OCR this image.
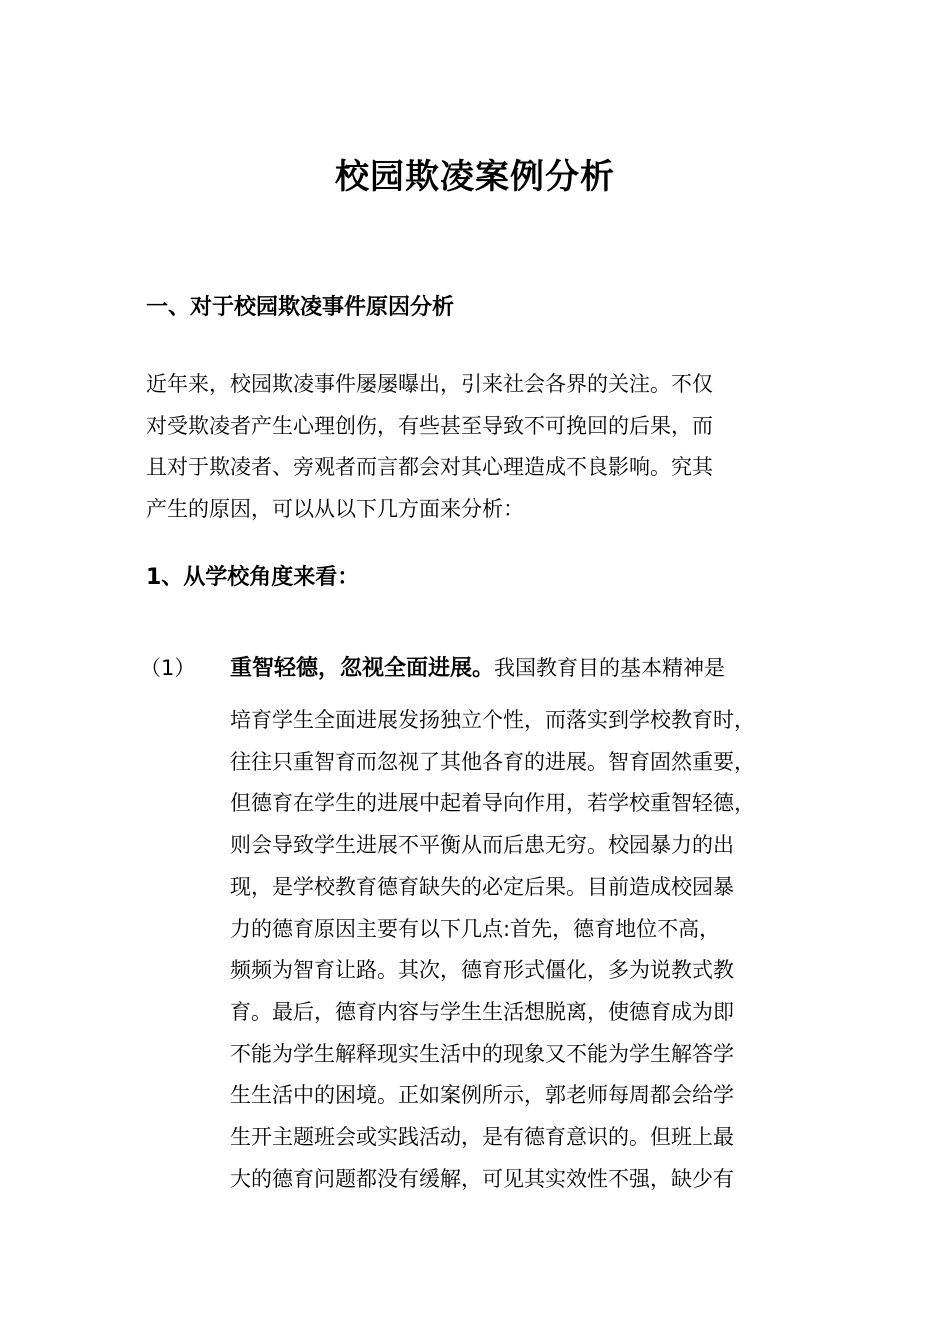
校园欺凌案例分析
一、对于校园欺凌事件原因分析

近年来，校园欺凌事件屡屡曝出，引来社会各界的关注。不仅
对受欺凌者产生心理创伤，有些甚至导致不可挽回的后果，而
且对于欺凌者、旁观者而言都会对其心理造成不良影响。究其
产生的原因，可以从以下几方面来分析：

1、从学校角度来看：
（1） 重智轻德，忽视全面进展。我国教育目的基本精神是

培育学生全面进展发扬独立个性，而落实到学校教育时，
往往只重智育而忽视了其他各育的进展。智育固然重要，
但德育在学生的进展中起着导向作用，若学校重智轻德，
则会导致学生进展不平衡从而后患无穷。校园暴力的出
现，是学校教育德育缺失的必定后果。目前造成校园暴
力的德育原因主要有以下几点:首先，德育地位不高，
频频为智育让路。其次，德育形式僵化，多为说教式教
育。最后，德育内容与学生生活想脱离，使德育成为即
不能为学生解释现实生活中的现象又不能为学生解答学
生生活中的困境。正如案例所示，郭老师每周都会给学
生开主题班会或实践活动，是有德育意识的。但班上最
大的德育问题都没有缓解，可见其实效性不强，缺少有
